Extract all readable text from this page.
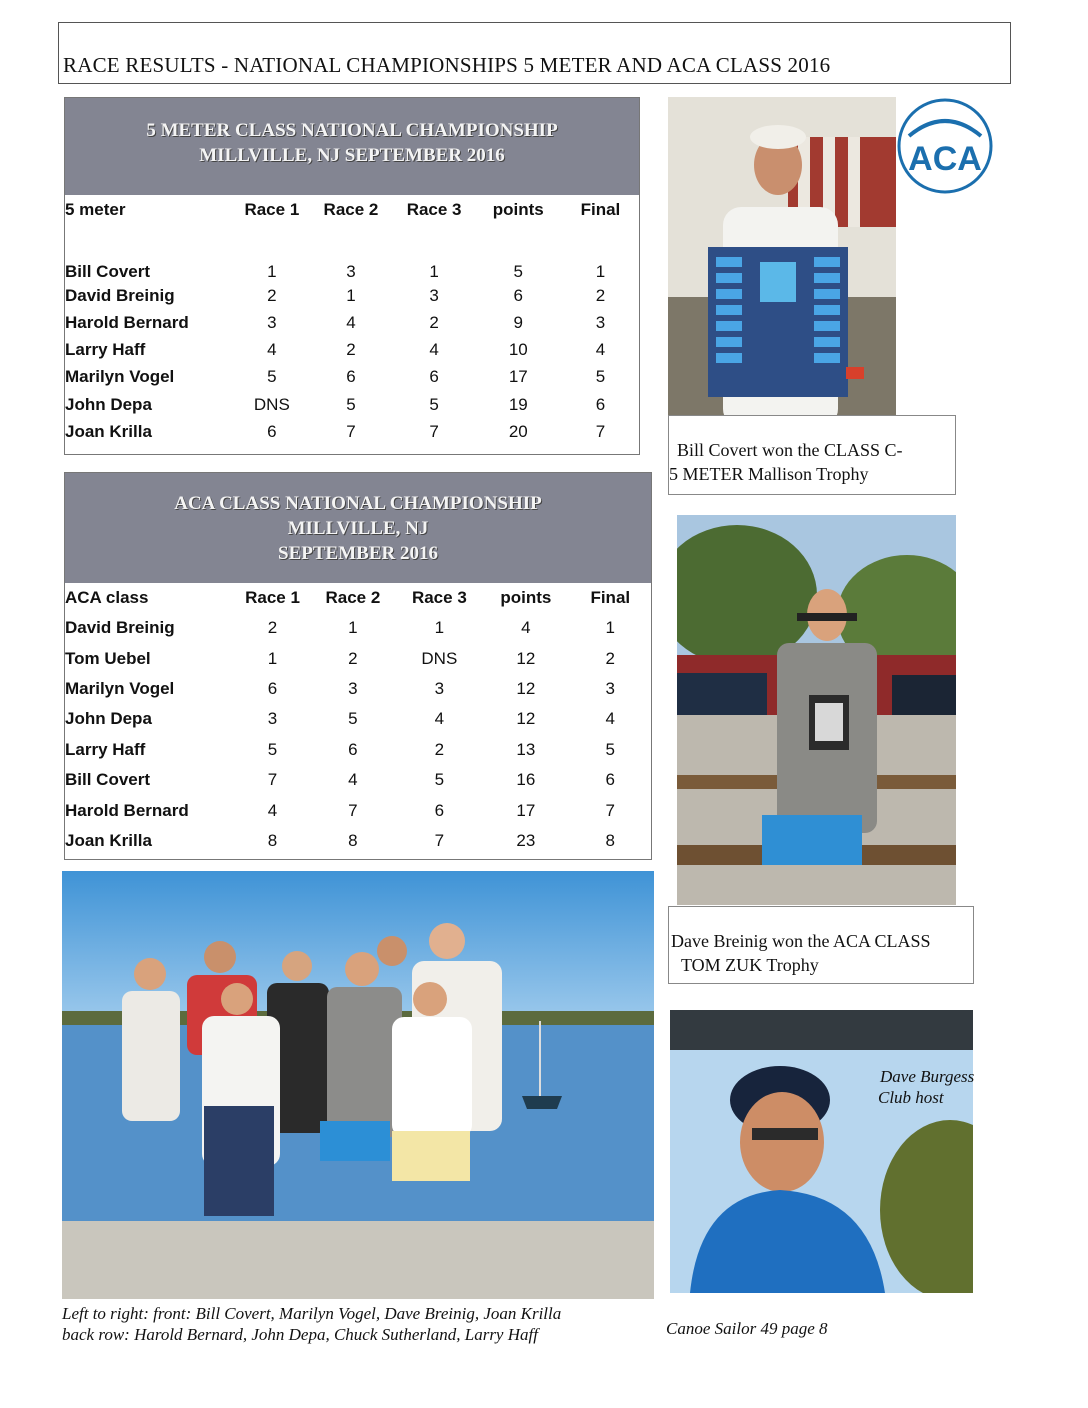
RACE RESULTS - NATIONAL CHAMPIONSHIPS 5 METER AND ACA CLASS 2016
5 METER CLASS NATIONAL CHAMPIONSHIP
MILLVILLE, NJ SEPTEMBER 2016
5 meter	Race 1	Race 2	Race 3	points	Final
Bill Covert	1	3	1	5	1
David Breinig	2	1	3	6	2
Harold Bernard	3	4	2	9	3
Larry Haff	4	2	4	10	4
Marilyn Vogel	5	6	6	17	5
John Depa	DNS	5	5	19	6
Joan Krilla	6	7	7	20	7
ACA CLASS NATIONAL CHAMPIONSHIP
MILLVILLE, NJ
SEPTEMBER 2016
ACA class	Race 1	Race 2	Race 3	points	Final
David Breinig	2	1	1	4	1
Tom Uebel	1	2	DNS	12	2
Marilyn Vogel	6	3	3	12	3
John Depa	3	5	4	12	4
Larry Haff	5	6	2	13	5
Bill Covert	7	4	5	16	6
Harold Bernard	4	7	6	17	7
Joan Krilla	8	8	7	23	8
ACA
Bill Covert won the CLASS C-
5 METER Mallison Trophy
Dave Breinig won the ACA CLASS
TOM ZUK Trophy
Dave Burgess
Club host
Left to right: front: Bill Covert, Marilyn Vogel, Dave Breinig, Joan Krilla
back row: Harold Bernard, John Depa, Chuck Sutherland, Larry Haff	Canoe Sailor 49 page 8
